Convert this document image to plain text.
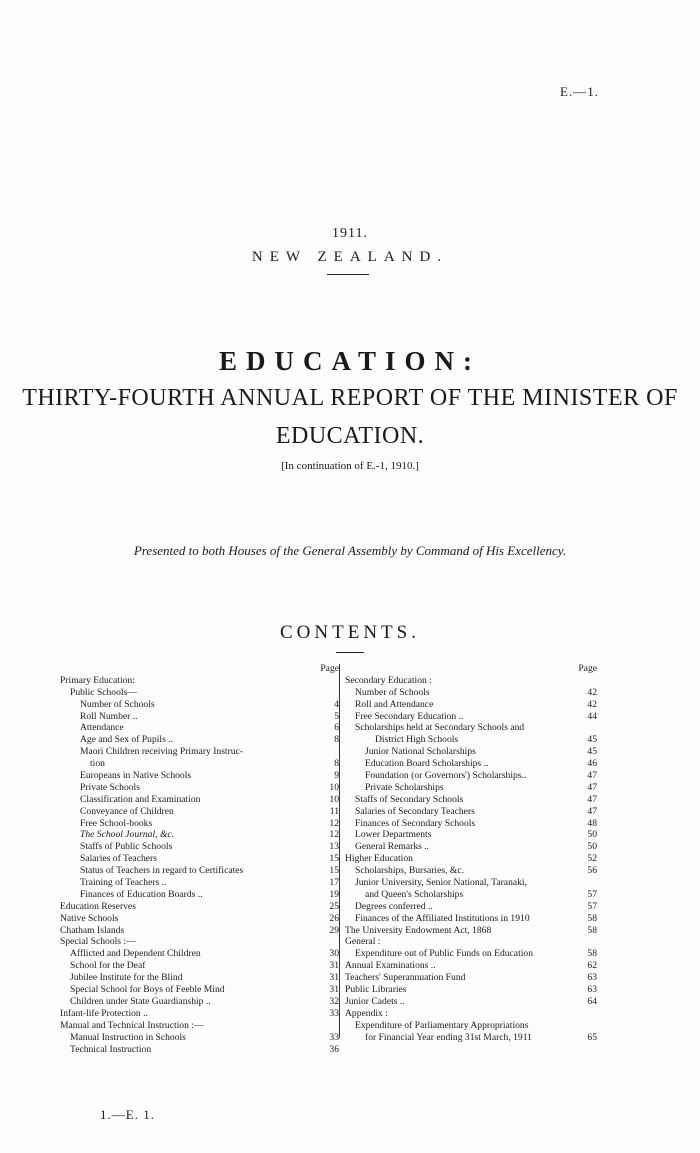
E.—1.
1911.
NEW ZEALAND.
EDUCATION:
THIRTY-FOURTH ANNUAL REPORT OF THE MINISTER OF
EDUCATION.
[In continuation of E.-1, 1910.]
Presented to both Houses of the General Assembly by Command of His Excellency.
CONTENTS.
Page
Primary Education:
Public Schools—
Number of Schools	4
Roll Number ..	5
Attendance	6
Age and Sex of Pupils ..	8
Maori Children receiving Primary Instruc-
tion	8
Europeans in Native Schools	9
Private Schools	10
Classification and Examination	10
Conveyance of Children	11
Free School-books	12
The School Journal, &c.	12
Staffs of Public Schools	13
Salaries of Teachers	15
Status of Teachers in regard to Certificates	15
Training of Teachers ..	17
Finances of Education Boards ..	19
Education Reserves	25
Native Schools	26
Chatham Islands	29
Special Schools :—
Afflicted and Dependent Children	30
School for the Deaf	31
Jubilee Institute for the Blind	31
Special School for Boys of Feeble Mind	31
Children under State Guardianship ..	32
Infant-life Protection ..	33
Manual and Technical Instruction :—
Manual Instruction in Schools	33
Technical Instruction	36
Page
Secondary Education :
Number of Schools	42
Roll and Attendance	42
Free Secondary Education ..	44
Scholarships held at Secondary Schools and
District High Schools	45
Junior National Scholarships	45
Education Board Scholarships ..	46
Foundation (or Governors') Scholarships..	47
Private Scholarships	47
Staffs of Secondary Schools	47
Salaries of Secondary Teachers	47
Finances of Secondary Schools	48
Lower Departments	50
General Remarks ..	50
Higher Education	52
Scholarships, Bursaries, &c.	56
Junior University, Senior National, Taranaki,
and Queen's Scholarships	57
Degrees conferred ..	57
Finances of the Affiliated Institutions in 1910	58
The University Endowment Act, 1868	58
General :
Expenditure out of Public Funds on Education	58
Annual Examinations ..	62
Teachers' Superannuation Fund	63
Public Libraries	63
Junior Cadets ..	64
Appendix :
Expenditure of Parliamentary Appropriations
for Financial Year ending 31st March, 1911	65
1.—E. 1.
